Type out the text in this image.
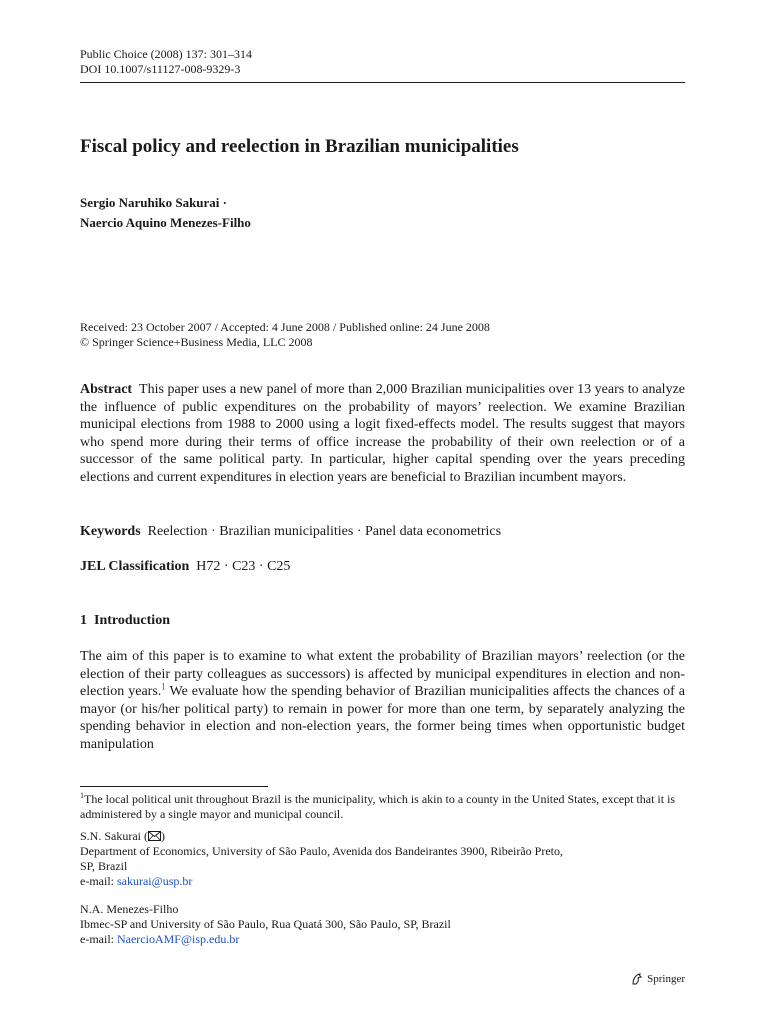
Public Choice (2008) 137: 301–314
DOI 10.1007/s11127-008-9329-3
Fiscal policy and reelection in Brazilian municipalities
Sergio Naruhiko Sakurai ·
Naercio Aquino Menezes-Filho
Received: 23 October 2007 / Accepted: 4 June 2008 / Published online: 24 June 2008
© Springer Science+Business Media, LLC 2008
Abstract This paper uses a new panel of more than 2,000 Brazilian municipalities over 13 years to analyze the influence of public expenditures on the probability of mayors’ reelection. We examine Brazilian municipal elections from 1988 to 2000 using a logit fixed-effects model. The results suggest that mayors who spend more during their terms of office increase the probability of their own reelection or of a successor of the same political party. In particular, higher capital spending over the years preceding elections and current expenditures in election years are beneficial to Brazilian incumbent mayors.
Keywords Reelection · Brazilian municipalities · Panel data econometrics
JEL Classification H72 · C23 · C25
1 Introduction
The aim of this paper is to examine to what extent the probability of Brazilian mayors’ reelection (or the election of their party colleagues as successors) is affected by municipal expenditures in election and non-election years.$^1$ We evaluate how the spending behavior of Brazilian municipalities affects the chances of a mayor (or his/her political party) to remain in power for more than one term, by separately analyzing the spending behavior in election and non-election years, the former being times when opportunistic budget manipulation
$^1$The local political unit throughout Brazil is the municipality, which is akin to a county in the United States, except that it is administered by a single mayor and municipal council.
S.N. Sakurai ( )
Department of Economics, University of São Paulo, Avenida dos Bandeirantes 3900, Ribeirão Preto,
SP, Brazil
e-mail: sakurai@usp.br
N.A. Menezes-Filho
Ibmec-SP and University of São Paulo, Rua Quatá 300, São Paulo, SP, Brazil
e-mail: NaercioAMF@isp.edu.br
Springer
